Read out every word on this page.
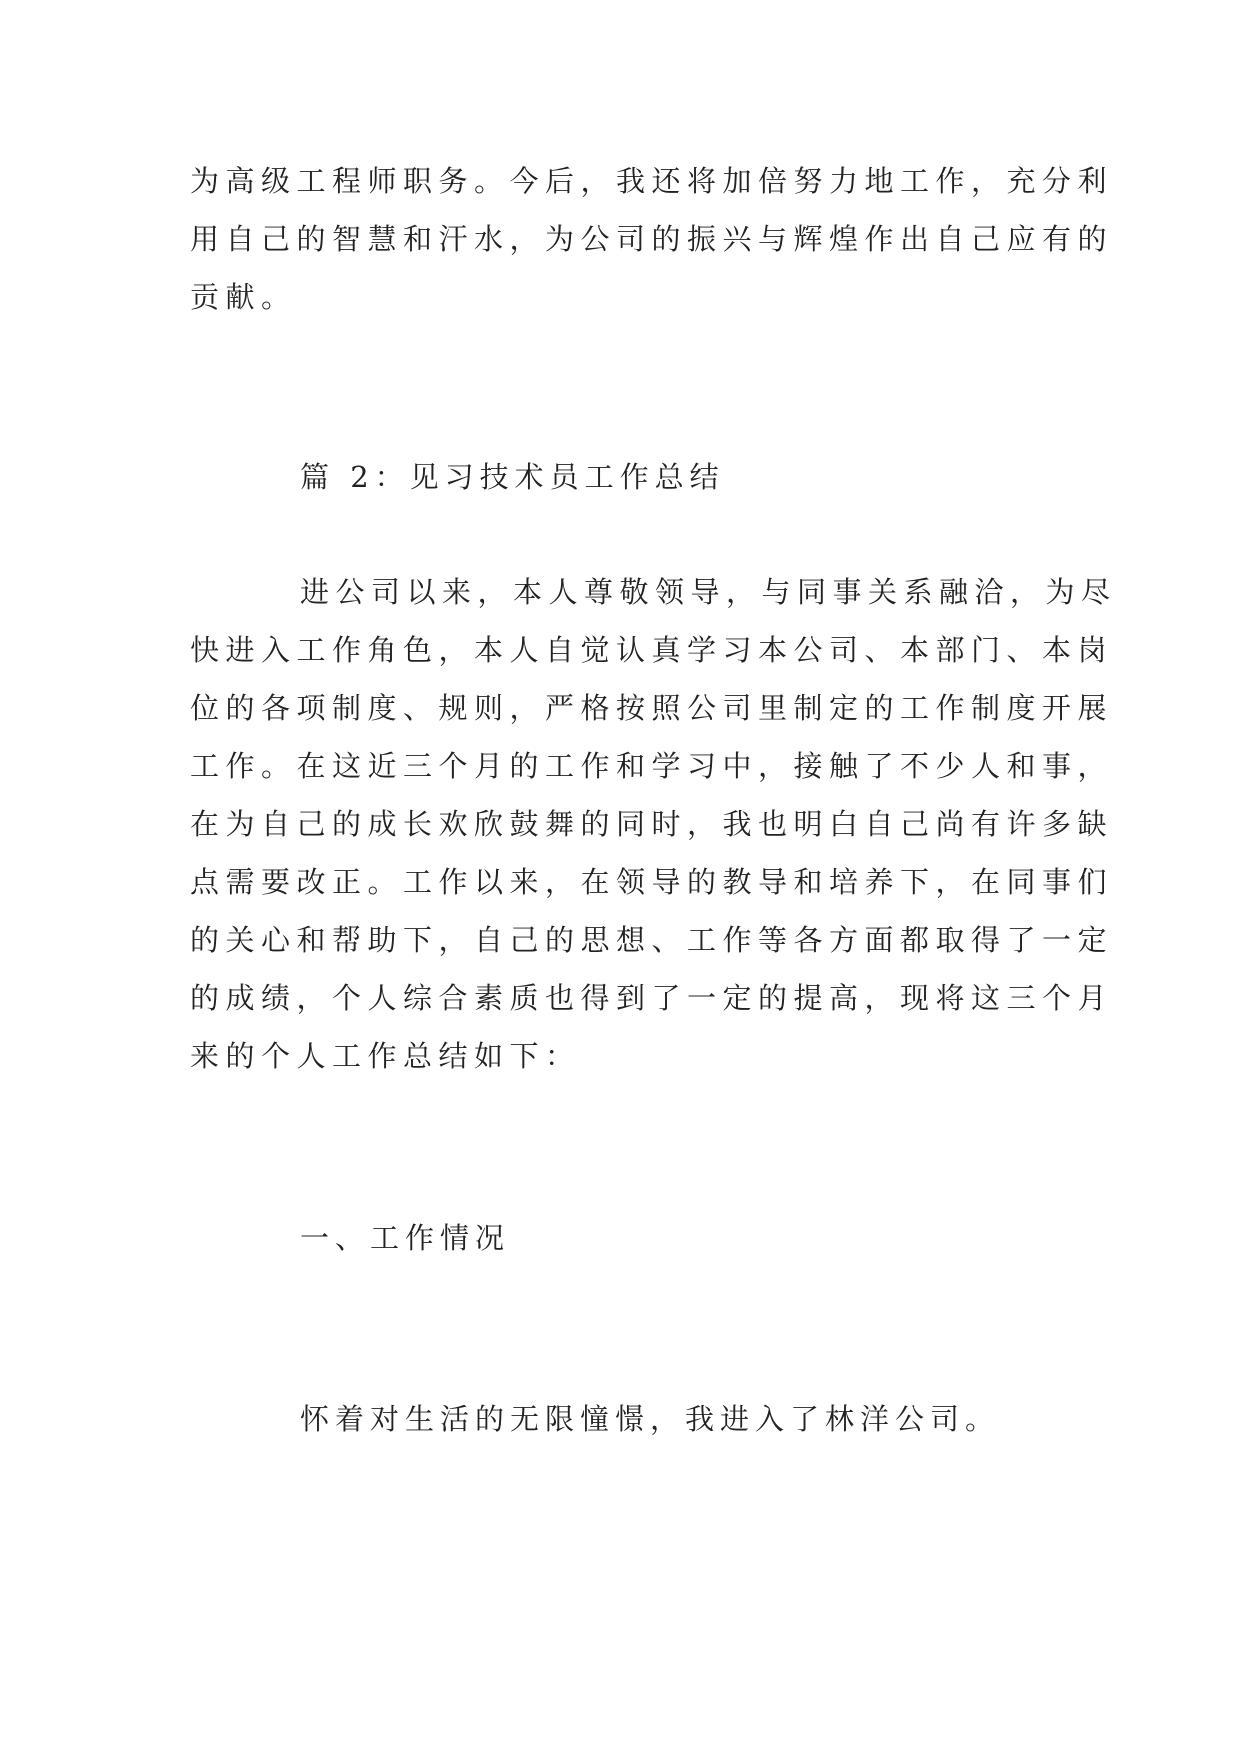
为高级工程师职务。今后，我还将加倍努力地工作，充分利
用自己的智慧和汗水，为公司的振兴与辉煌作出自己应有的
贡献。
篇 2：见习技术员工作总结
进公司以来，本人尊敬领导，与同事关系融洽，为尽
快进入工作角色，本人自觉认真学习本公司、本部门、本岗
位的各项制度、规则，严格按照公司里制定的工作制度开展
工作。在这近三个月的工作和学习中，接触了不少人和事，
在为自己的成长欢欣鼓舞的同时，我也明白自己尚有许多缺
点需要改正。工作以来，在领导的教导和培养下，在同事们
的关心和帮助下，自己的思想、工作等各方面都取得了一定
的成绩，个人综合素质也得到了一定的提高，现将这三个月
来的个人工作总结如下：
一、工作情况
怀着对生活的无限憧憬，我进入了林洋公司。
